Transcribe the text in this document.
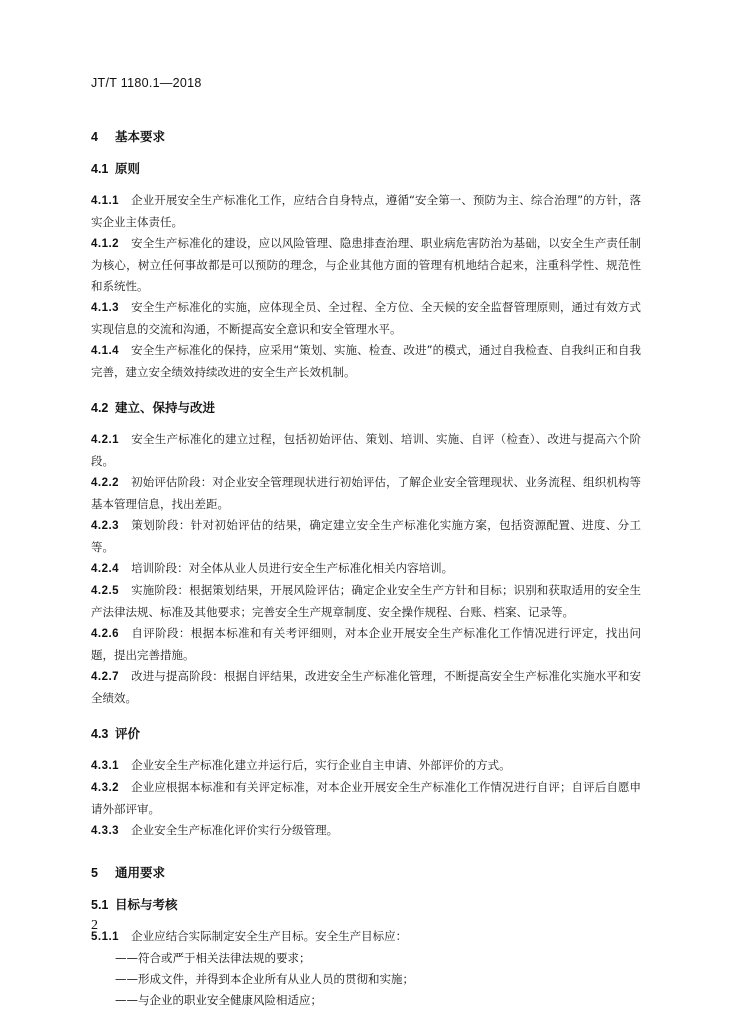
JT/T 1180.1—2018
4 基本要求
4.1 原则
4.1.1 企业开展安全生产标准化工作，应结合自身特点，遵循“安全第一、预防为主、综合治理”的方针，落实企业主体责任。
4.1.2 安全生产标准化的建设，应以风险管理、隐患排查治理、职业病危害防治为基础，以安全生产责任制为核心，树立任何事故都是可以预防的理念，与企业其他方面的管理有机地结合起来，注重科学性、规范性和系统性。
4.1.3 安全生产标准化的实施，应体现全员、全过程、全方位、全天候的安全监督管理原则，通过有效方式实现信息的交流和沟通，不断提高安全意识和安全管理水平。
4.1.4 安全生产标准化的保持，应采用“策划、实施、检查、改进”的模式，通过自我检查、自我纠正和自我完善，建立安全绩效持续改进的安全生产长效机制。
4.2 建立、保持与改进
4.2.1 安全生产标准化的建立过程，包括初始评估、策划、培训、实施、自评（检查）、改进与提高六个阶段。
4.2.2 初始评估阶段：对企业安全管理现状进行初始评估，了解企业安全管理现状、业务流程、组织机构等基本管理信息，找出差距。
4.2.3 策划阶段：针对初始评估的结果，确定建立安全生产标准化实施方案，包括资源配置、进度、分工等。
4.2.4 培训阶段：对全体从业人员进行安全生产标准化相关内容培训。
4.2.5 实施阶段：根据策划结果，开展风险评估；确定企业安全生产方针和目标；识别和获取适用的安全生产法律法规、标准及其他要求；完善安全生产规章制度、安全操作规程、台账、档案、记录等。
4.2.6 自评阶段：根据本标准和有关考评细则，对本企业开展安全生产标准化工作情况进行评定，找出问题，提出完善措施。
4.2.7 改进与提高阶段：根据自评结果，改进安全生产标准化管理，不断提高安全生产标准化实施水平和安全绩效。
4.3 评价
4.3.1 企业安全生产标准化建立并运行后，实行企业自主申请、外部评价的方式。
4.3.2 企业应根据本标准和有关评定标准，对本企业开展安全生产标准化工作情况进行自评；自评后自愿申请外部评审。
4.3.3 企业安全生产标准化评价实行分级管理。
5 通用要求
5.1 目标与考核
5.1.1 企业应结合实际制定安全生产目标。安全生产目标应：
——符合或严于相关法律法规的要求；
——形成文件，并得到本企业所有从业人员的贯彻和实施；
——与企业的职业安全健康风险相适应；
2
